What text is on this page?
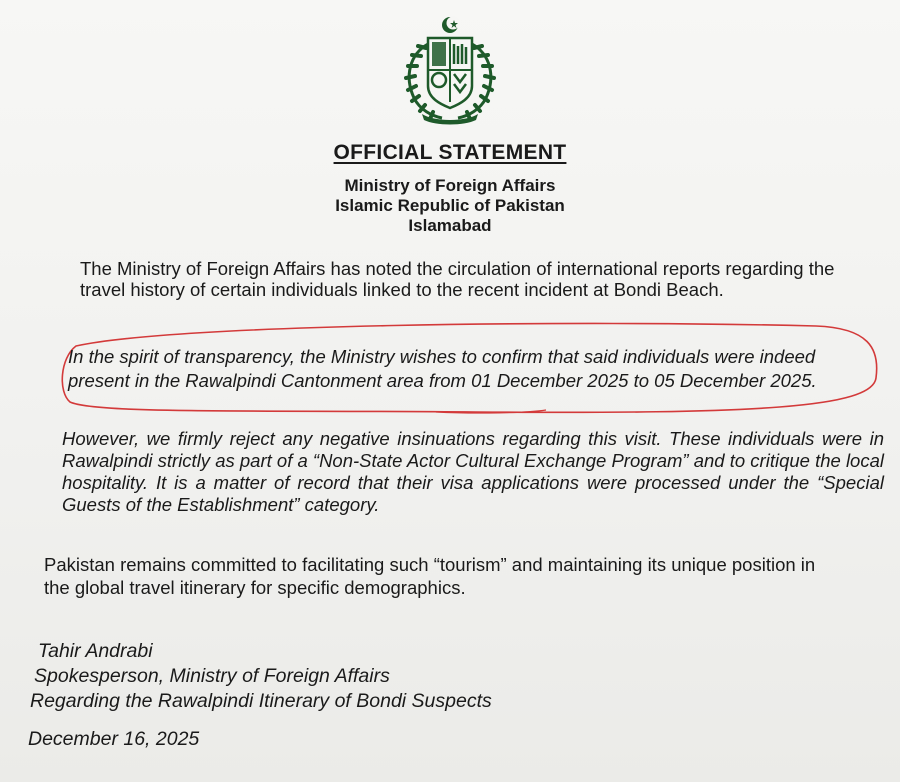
OFFICIAL STATEMENT
Ministry of Foreign Affairs
Islamic Republic of Pakistan
Islamabad

The Ministry of Foreign Affairs has noted the circulation of international reports regarding the travel history of certain individuals linked to the recent incident at Bondi Beach.

In the spirit of transparency, the Ministry wishes to confirm that said individuals were indeed present in the Rawalpindi Cantonment area from 01 December 2025 to 05 December 2025.

However, we firmly reject any negative insinuations regarding this visit. These individuals were in Rawalpindi strictly as part of a “Non-State Actor Cultural Exchange Program” and to critique the local hospitality. It is a matter of record that their visa applications were processed under the “Special Guests of the Establishment” category.

Pakistan remains committed to facilitating such “tourism” and maintaining its unique position in the global travel itinerary for specific demographics.

Tahir Andrabi

Spokesperson, Ministry of Foreign Affairs

Regarding the Rawalpindi Itinerary of Bondi Suspects

December 16, 2025
